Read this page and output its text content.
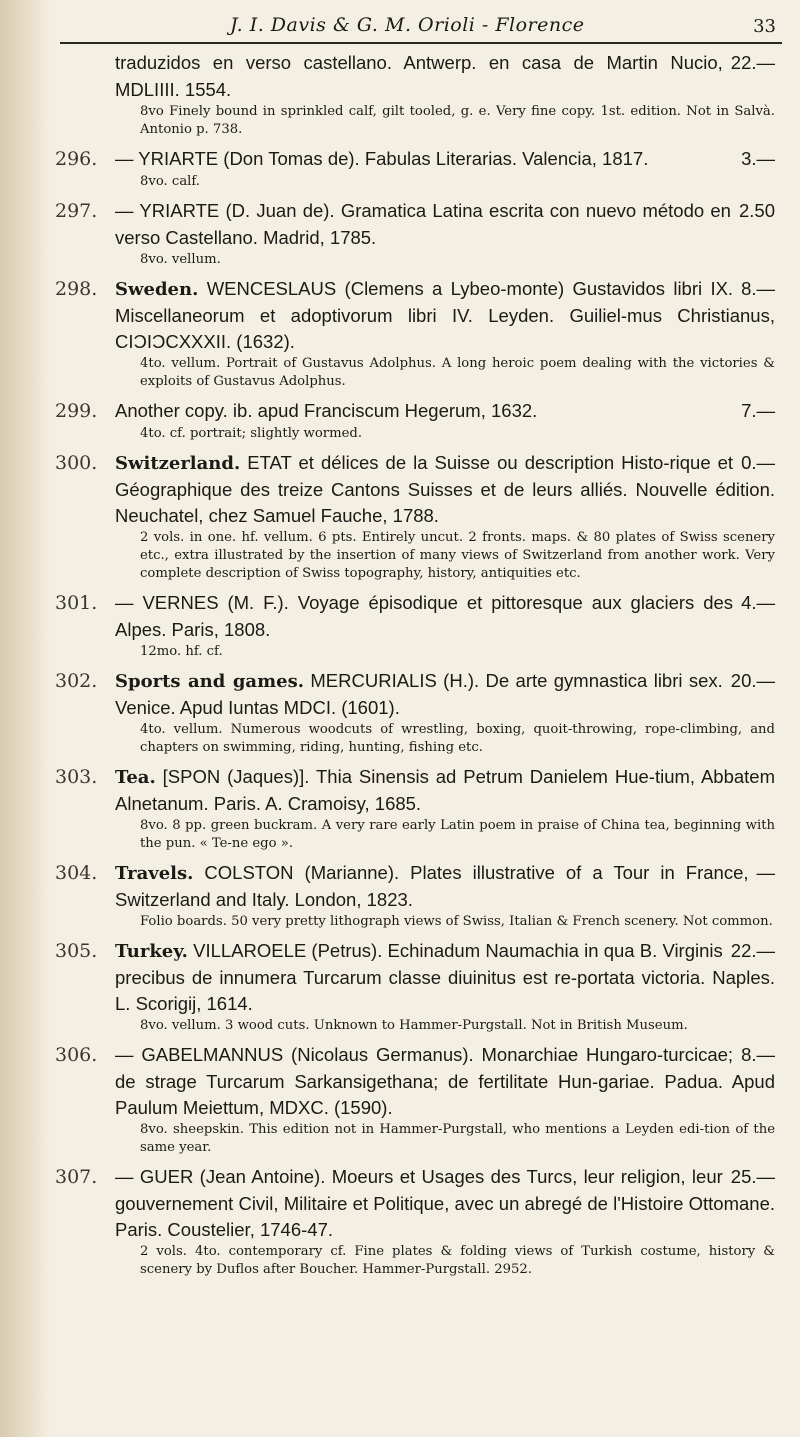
J. I. Davis & G. M. Orioli - Florence	33
22.—
traduzidos en verso castellano. Antwerp. en casa de Martin Nucio, MDLIIII. 1554.
8vo Finely bound in sprinkled calf, gilt tooled, g. e. Very fine copy. 1st. edition. Not in Salvà. Antonio p. 738.
296.	3.—
— YRIARTE (Don Tomas de). Fabulas Literarias. Valencia, 1817.
8vo. calf.
297.	2.50
— YRIARTE (D. Juan de). Gramatica Latina escrita con nuevo método en verso Castellano. Madrid, 1785.
8vo. vellum.
298.	8.—
Sweden. WENCESLAUS (Clemens a Lybeo-monte) Gustavidos libri IX. Miscellaneorum et adoptivorum libri IV. Leyden. Guiliel-mus Christianus, CIϽIϽCXXXII. (1632).
4to. vellum. Portrait of Gustavus Adolphus. A long heroic poem dealing with the victories & exploits of Gustavus Adolphus.
299.	7.—
Another copy. ib. apud Franciscum Hegerum, 1632.
4to. cf. portrait; slightly wormed.
300.	0.—
Switzerland. ETAT et délices de la Suisse ou description Histo-rique et Géographique des treize Cantons Suisses et de leurs alliés. Nouvelle édition. Neuchatel, chez Samuel Fauche, 1788.
2 vols. in one. hf. vellum. 6 pts. Entirely uncut. 2 fronts. maps. & 80 plates of Swiss scenery etc., extra illustrated by the insertion of many views of Switzerland from another work. Very complete description of Swiss topography, history, antiquities etc.
301.	4.—
— VERNES (M. F.). Voyage épisodique et pittoresque aux glaciers des Alpes. Paris, 1808.
12mo. hf. cf.
302.	20.—
Sports and games. MERCURIALIS (H.). De arte gymnastica libri sex. Venice. Apud Iuntas MDCI. (1601).
4to. vellum. Numerous woodcuts of wrestling, boxing, quoit-throwing, rope-climbing, and chapters on swimming, riding, hunting, fishing etc.
303. Tea. [SPON (Jaques)]. Thia Sinensis ad Petrum Danielem Hue-tium, Abbatem Alnetanum. Paris. A. Cramoisy, 1685.
8vo. 8 pp. green buckram. A very rare early Latin poem in praise of China tea, beginning with the pun. « Te-ne ego ».
304.	—
Travels. COLSTON (Marianne). Plates illustrative of a Tour in France, Switzerland and Italy. London, 1823.
Folio boards. 50 very pretty lithograph views of Swiss, Italian & French scenery. Not common.
305.	22.—
Turkey. VILLAROELE (Petrus). Echinadum Naumachia in qua B. Virginis precibus de innumera Turcarum classe diuinitus est re-portata victoria. Naples. L. Scorigij, 1614.
8vo. vellum. 3 wood cuts. Unknown to Hammer-Purgstall. Not in British Museum.
306.	8.—
— GABELMANNUS (Nicolaus Germanus). Monarchiae Hungaro-turcicae; de strage Turcarum Sarkansigethana; de fertilitate Hun-gariae. Padua. Apud Paulum Meiettum, MDXC. (1590).
8vo. sheepskin. This edition not in Hammer-Purgstall, who mentions a Leyden edi-tion of the same year.
307.	25.—
— GUER (Jean Antoine). Moeurs et Usages des Turcs, leur religion, leur gouvernement Civil, Militaire et Politique, avec un abregé de l'Histoire Ottomane. Paris. Coustelier, 1746-47.
2 vols. 4to. contemporary cf. Fine plates & folding views of Turkish costume, history & scenery by Duflos after Boucher. Hammer-Purgstall. 2952.
